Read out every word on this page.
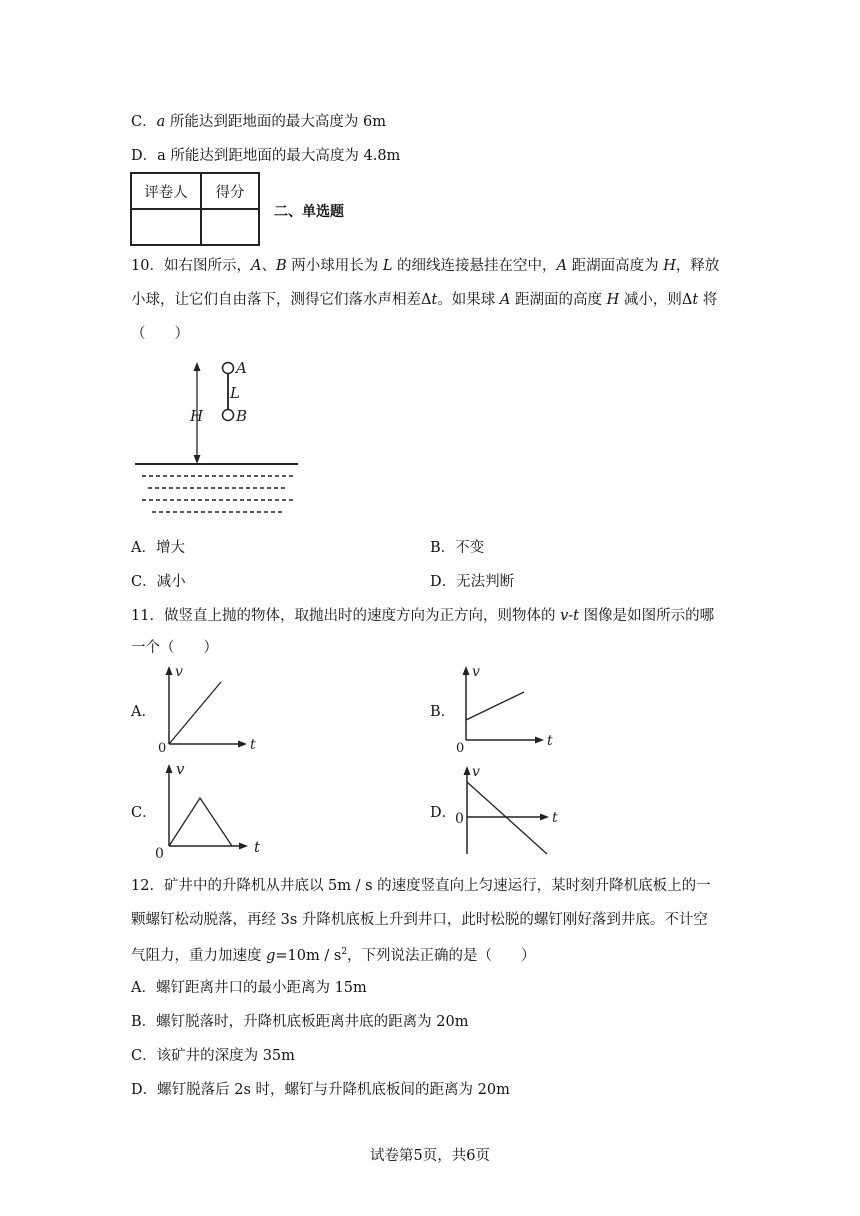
C．a 所能达到距地面的最大高度为 6m
D．a 所能达到距地面的最大高度为 4.8m
评卷人	得分

二、单选题
10．如右图所示，A、B 两小球用长为 L 的细线连接悬挂在空中，A 距湖面高度为 H，释放
小球，让它们自由落下，测得它们落水声相差Δt。如果球 A 距湖面的高度 H 减小，则Δt 将
（　　）
H
A
L
B
A．增大	B．不变
C．减小	D．无法判断
11．做竖直上抛的物体，取抛出时的速度方向为正方向，则物体的 v-t 图像是如图所示的哪
一个（　　）
A．	B．
C．	D．
v
t
0
v
t
0
v
t
0
v
t
0
12．矿井中的升降机从井底以 5m / s 的速度竖直向上匀速运行，某时刻升降机底板上的一
颗螺钉松动脱落，再经 3s 升降机底板上升到井口，此时松脱的螺钉刚好落到井底。不计空
气阻力，重力加速度 $g=10m / s^2$，下列说法正确的是（　　）
A．螺钉距离井口的最小距离为 15m
B．螺钉脱落时，升降机底板距离井底的距离为 20m
C．该矿井的深度为 35m
D．螺钉脱落后 2s 时，螺钉与升降机底板间的距离为 20m
试卷第5页，共6页
